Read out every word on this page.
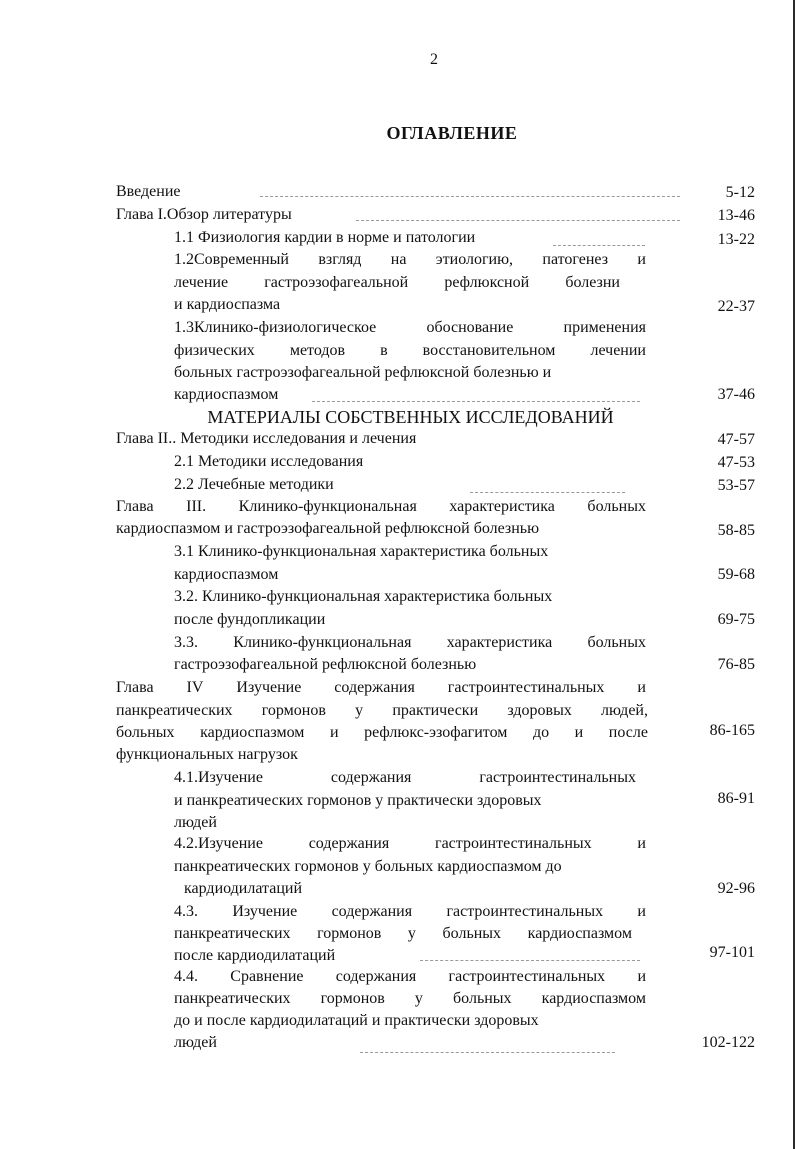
2
ОГЛАВЛЕНИЕ
Введение	5-12
Глава I.Обзор литературы	13-46
1.1 Физиология кардии в норме и патологии	13-22
1.2Современный взгляд на этиологию, патогенез и
лечение гастроэзофагеальной рефлюксной болезни
и кардиоспазма	22-37
1.3Клинико-физиологическое	обоснование	применения
физических методов в восстановительном лечении
больных гастроэзофагеальной рефлюксной болезнью и
кардиоспазмом	37-46
Глава II.. Методики исследования и лечения	47-57
2.1 Методики исследования	47-53
2.2 Лечебные методики	53-57
Глава III. Клинико-функциональная характеристика больных
кардиоспазмом и гастроэзофагеальной рефлюксной болезнью	58-85
3.1 Клинико-функциональная характеристика больных
кардиоспазмом	59-68
3.2. Клинико-функциональная характеристика больных
после фундопликации	69-75
3.3. Клинико-функциональная характеристика больных
гастроэзофагеальной рефлюксной болезнью	76-85
Глава IV Изучение содержания гастроинтестинальных и
панкреатических гормонов у практически здоровых людей,
больных кардиоспазмом и рефлюкс-эзофагитом до и после
функциональных нагрузок
86-165
4.1.Изучение	содержания	гастроинтестинальных
и панкреатических гормонов у практически здоровых
людей
86-91
4.2.Изучение	содержания	гастроинтестинальных	и
панкреатических гормонов у больных кардиоспазмом до
кардиодилатаций	92-96
4.3. Изучение содержания гастроинтестинальных и
панкреатических гормонов у больных кардиоспазмом
после кардиодилатаций	97-101
4.4. Сравнение содержания гастроинтестинальных и
панкреатических гормонов у больных кардиоспазмом
до и после кардиодилатаций и практически здоровых
людей	102-122
МАТЕРИАЛЫ СОБСТВЕННЫХ ИССЛЕДОВАНИЙ
